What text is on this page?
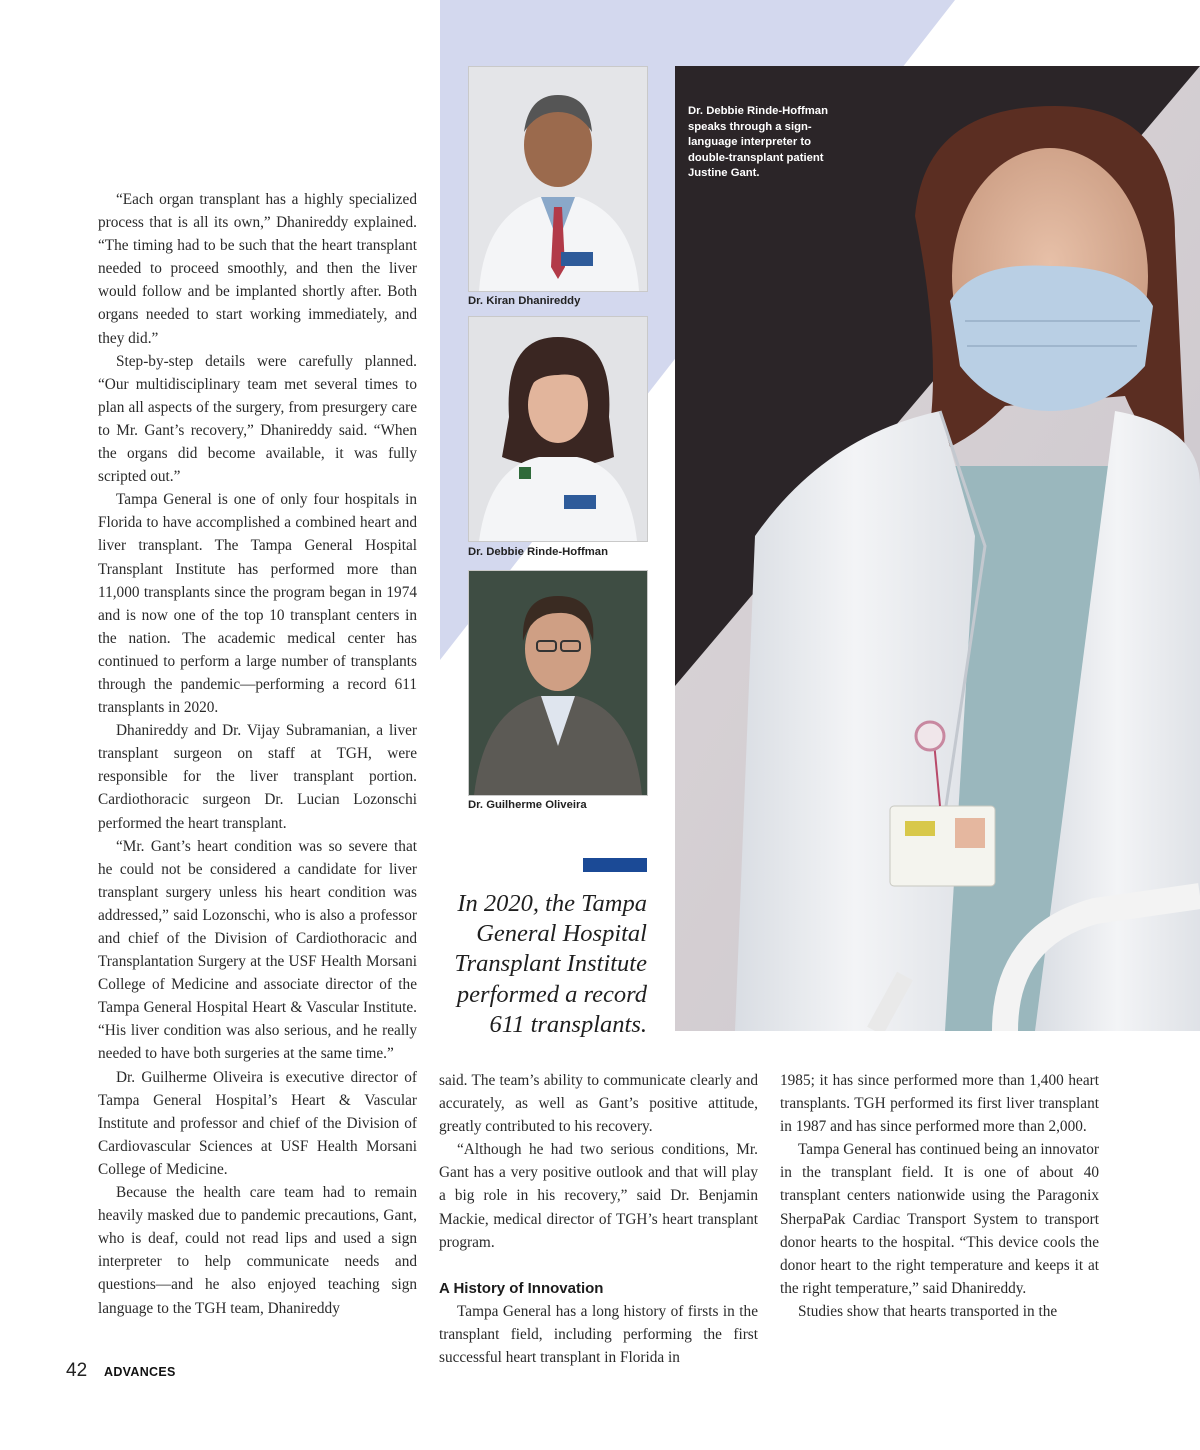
Dr. Debbie Rinde-Hoffman speaks through a sign-language interpreter to double-transplant patient Justine Gant.
Dr. Kiran Dhanireddy
Dr. Debbie Rinde-Hoffman
Dr. Guilherme Oliveira
In 2020, the Tampa General Hospital Transplant Institute performed a record 611 transplants.

“Each organ transplant has a highly specialized process that is all its own,” Dhanireddy explained. “The timing had to be such that the heart transplant needed to proceed smoothly, and then the liver would follow and be implanted shortly after. Both organs needed to start working immediately, and they did.”

Step-by-step details were carefully planned. “Our multidisciplinary team met several times to plan all aspects of the surgery, from presurgery care to Mr. Gant’s recovery,” Dhanireddy said. “When the organs did become available, it was fully scripted out.”

Tampa General is one of only four hospitals in Florida to have accomplished a combined heart and liver transplant. The Tampa General Hospital Transplant Institute has performed more than 11,000 transplants since the program began in 1974 and is now one of the top 10 transplant centers in the nation. The academic medical center has continued to perform a large number of transplants through the pandemic—performing a record 611 transplants in 2020.

Dhanireddy and Dr. Vijay Subramanian, a liver transplant surgeon on staff at TGH, were responsible for the liver transplant portion. Cardiothoracic surgeon Dr. Lucian Lozonschi performed the heart transplant.

“Mr. Gant’s heart condition was so severe that he could not be considered a candidate for liver transplant surgery unless his heart condition was addressed,” said Lozonschi, who is also a professor and chief of the Division of Cardiothoracic and Transplantation Surgery at the USF Health Morsani College of Medicine and associate director of the Tampa General Hospital Heart & Vascular Institute. “His liver condition was also serious, and he really needed to have both surgeries at the same time.”

Dr. Guilherme Oliveira is executive director of Tampa General Hospital’s Heart & Vascular Institute and professor and chief of the Division of Cardiovascular Sciences at USF Health Morsani College of Medicine.

Because the health care team had to remain heavily masked due to pandemic precautions, Gant, who is deaf, could not read lips and used a sign interpreter to help communicate needs and questions—and he also enjoyed teaching sign language to the TGH team, Dhanireddy

said. The team’s ability to communicate clearly and accurately, as well as Gant’s positive attitude, greatly contributed to his recovery.

“Although he had two serious conditions, Mr. Gant has a very positive outlook and that will play a big role in his recovery,” said Dr. Benjamin Mackie, medical director of TGH’s heart transplant program.

A History of Innovation

Tampa General has a long history of firsts in the transplant field, including performing the first successful heart transplant in Florida in

1985; it has since performed more than 1,400 heart transplants. TGH performed its first liver transplant in 1987 and has since performed more than 2,000.

Tampa General has continued being an innovator in the transplant field. It is one of about 40 transplant centers nationwide using the Paragonix SherpaPak Cardiac Transport System to transport donor hearts to the hospital. “This device cools the donor heart to the right temperature and keeps it at the right temperature,” said Dhanireddy.

Studies show that hearts transported in the

42 ADVANCES
